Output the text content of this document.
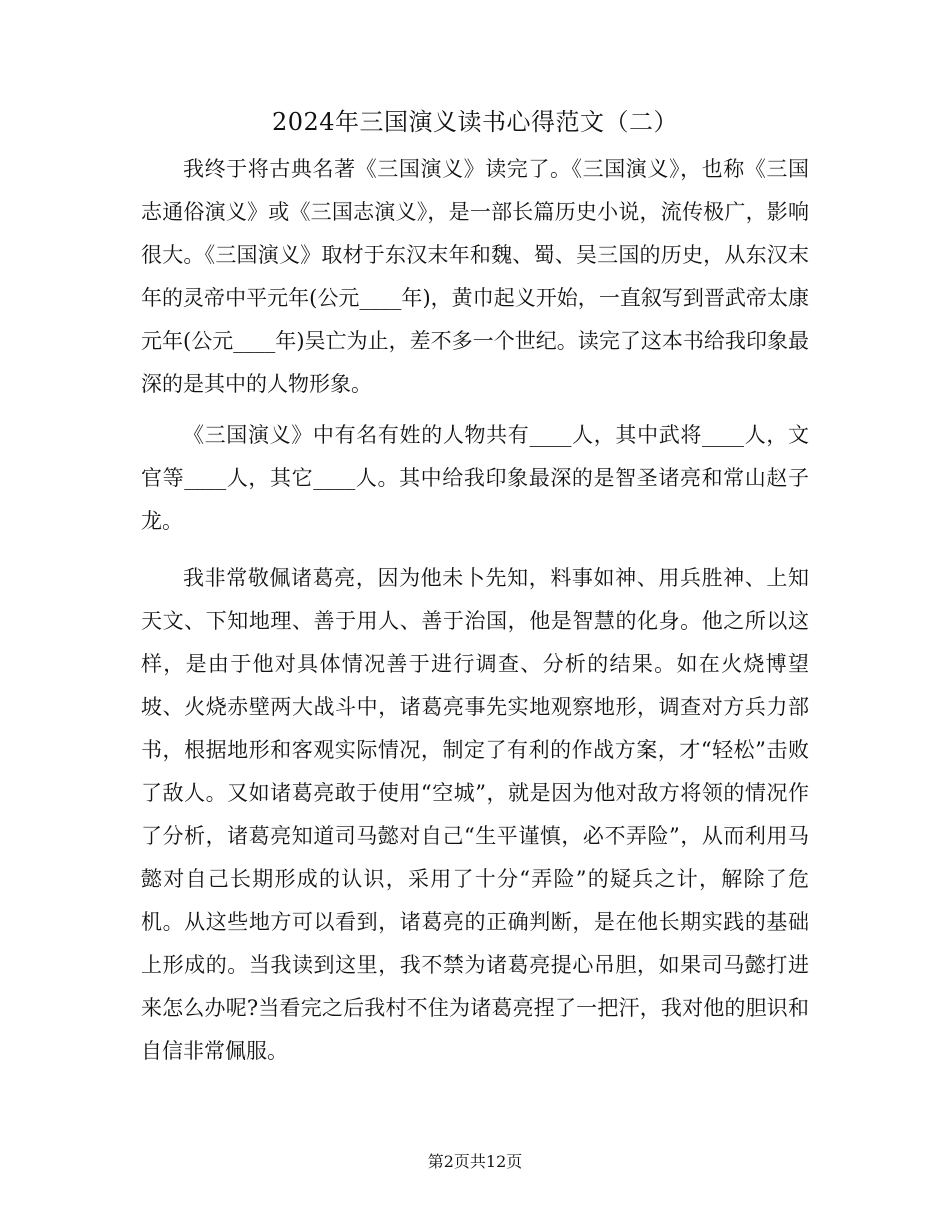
2024年三国演义读书心得范文（二）

我终于将古典名著《三国演义》读完了。《三国演义》，也称《三国志通俗演义》或《三国志演义》，是一部长篇历史小说，流传极广，影响很大。《三国演义》取材于东汉末年和魏、蜀、吴三国的历史，从东汉末年的灵帝中平元年(公元____年)，黄巾起义开始，一直叙写到晋武帝太康元年(公元____年)吴亡为止，差不多一个世纪。读完了这本书给我印象最深的是其中的人物形象。

《三国演义》中有名有姓的人物共有____人，其中武将____人，文官等____人，其它____人。其中给我印象最深的是智圣诸亮和常山赵子龙。

我非常敬佩诸葛亮，因为他未卜先知，料事如神、用兵胜神、上知天文、下知地理、善于用人、善于治国，他是智慧的化身。他之所以这样，是由于他对具体情况善于进行调查、分析的结果。如在火烧博望坡、火烧赤壁两大战斗中，诸葛亮事先实地观察地形，调查对方兵力部书，根据地形和客观实际情况，制定了有利的作战方案，才“轻松”击败了敌人。又如诸葛亮敢于使用“空城”，就是因为他对敌方将领的情况作了分析，诸葛亮知道司马懿对自己“生平谨慎，必不弄险”，从而利用马懿对自己长期形成的认识，采用了十分“弄险”的疑兵之计，解除了危机。从这些地方可以看到，诸葛亮的正确判断，是在他长期实践的基础上形成的。当我读到这里，我不禁为诸葛亮提心吊胆，如果司马懿打进来怎么办呢?当看完之后我村不住为诸葛亮捏了一把汗，我对他的胆识和自信非常佩服。

第2页共12页
